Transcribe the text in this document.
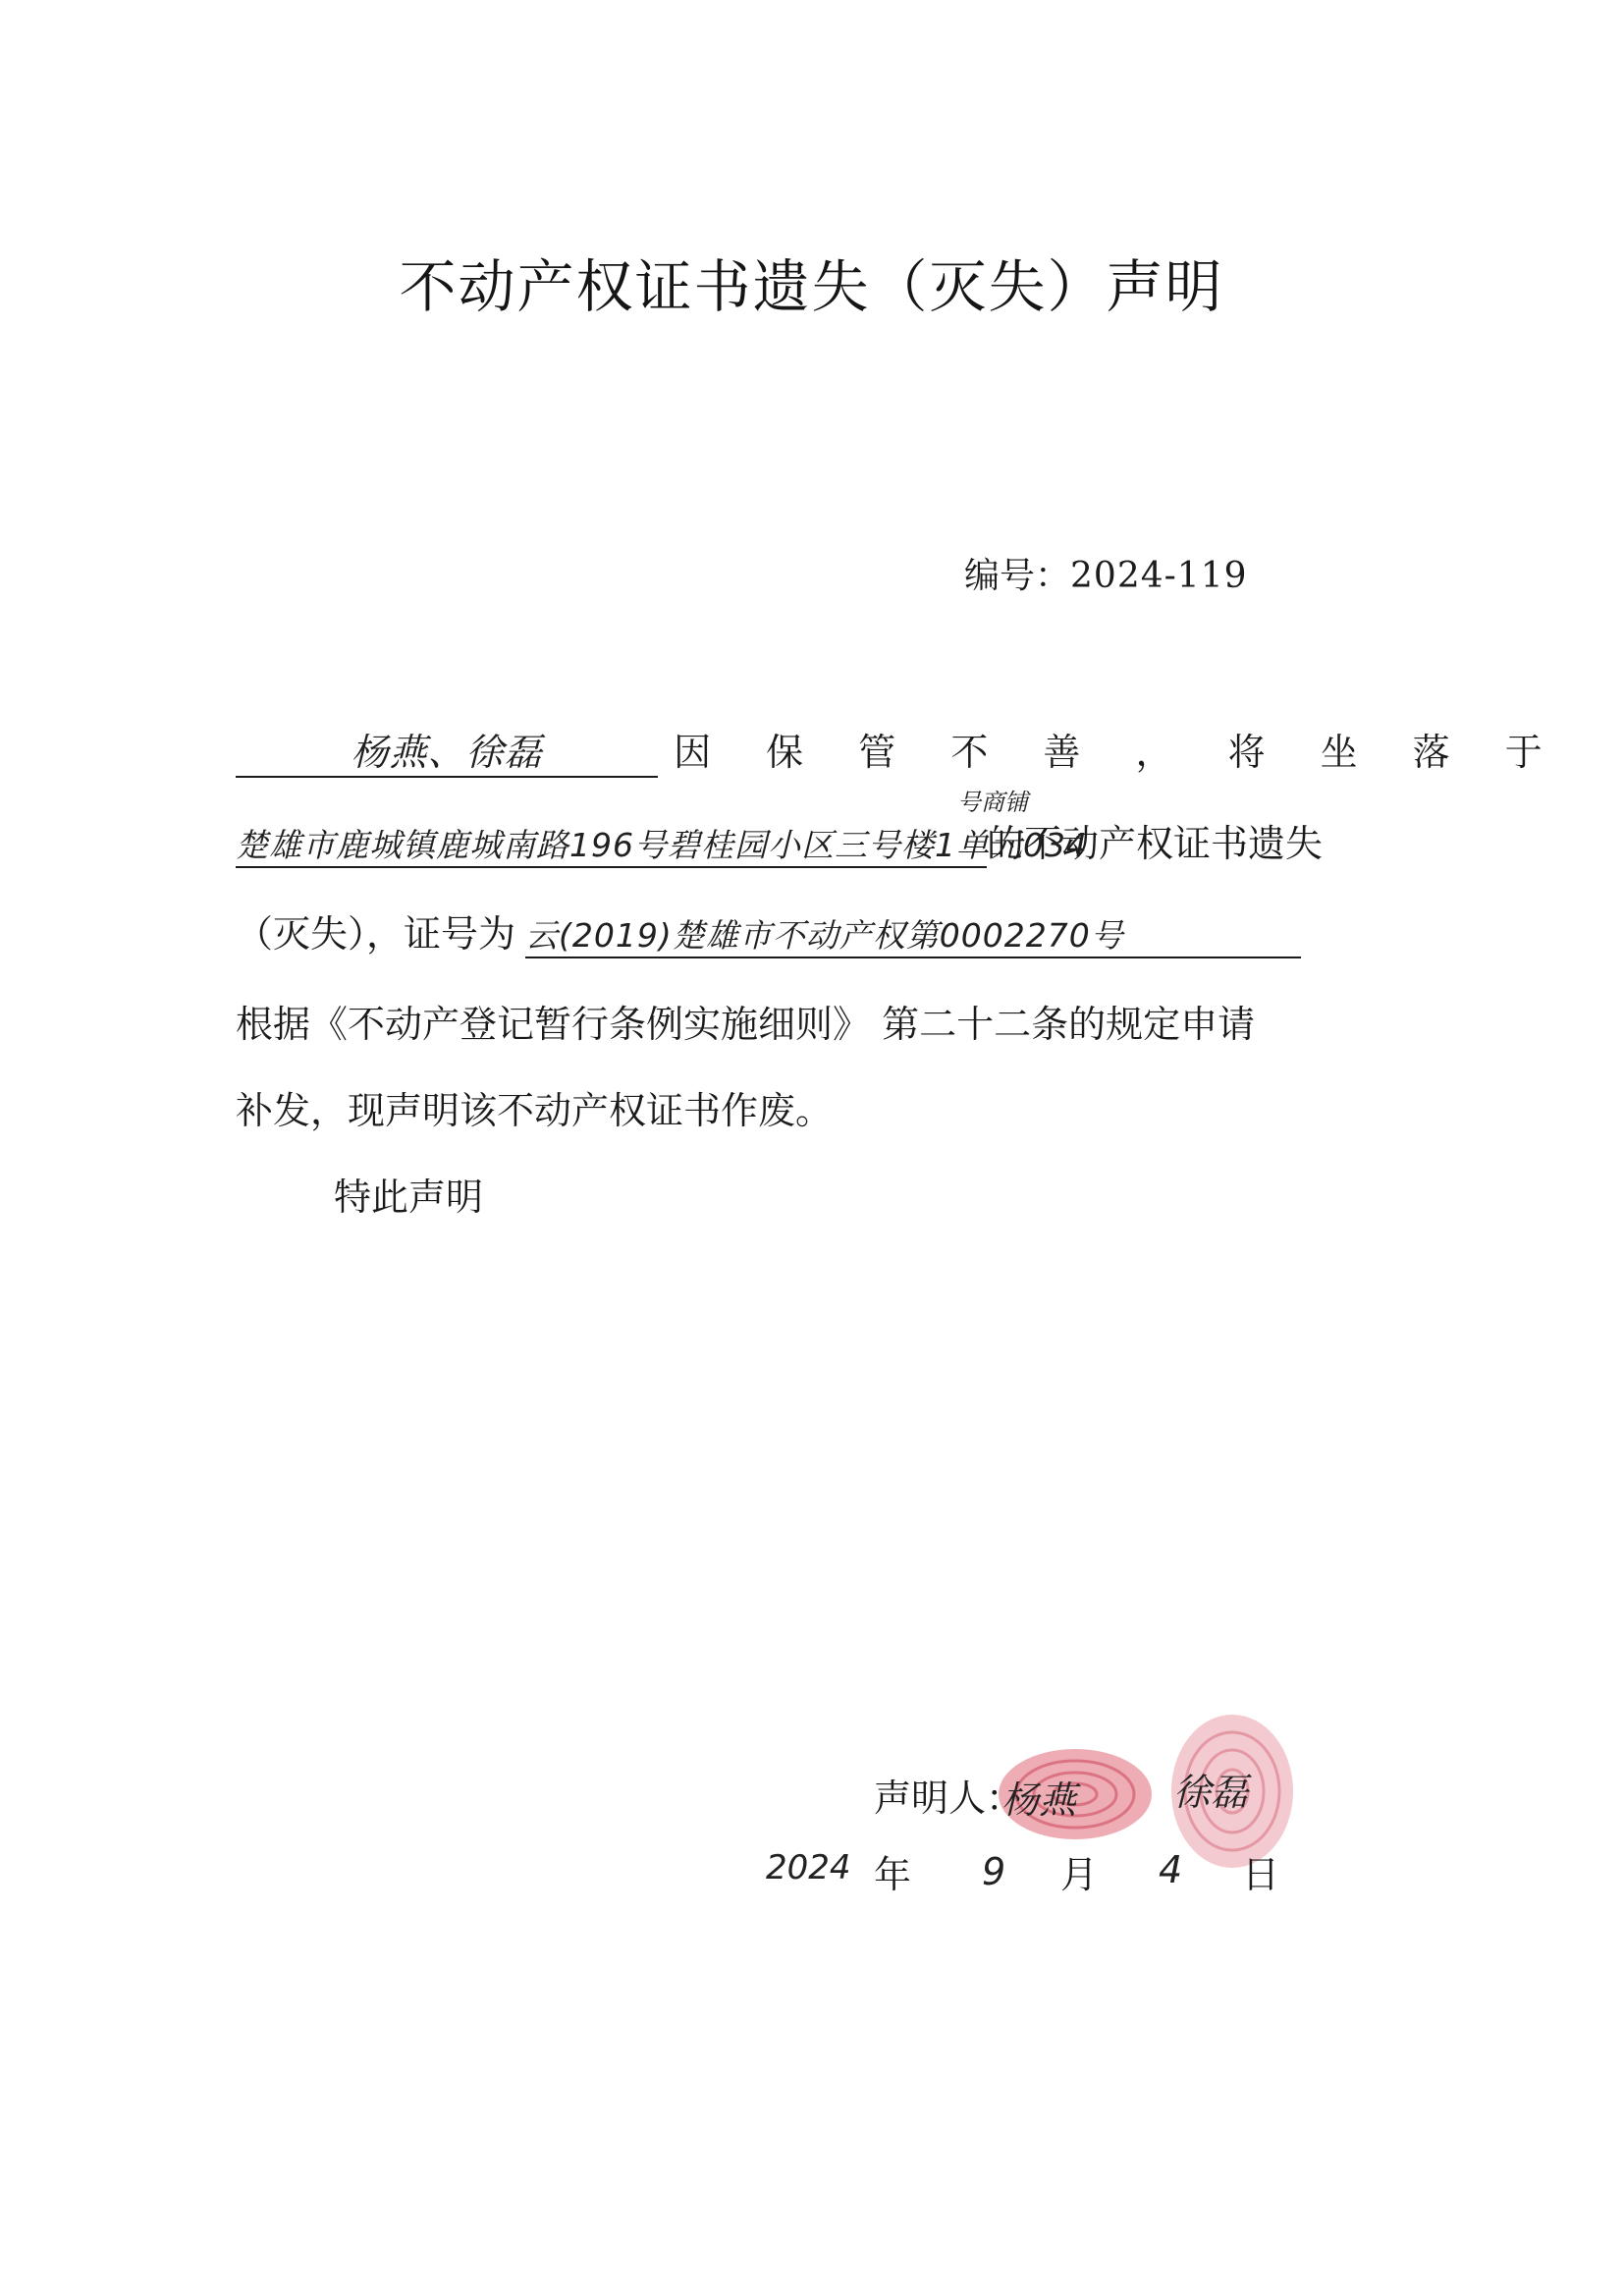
不动产权证书遗失（灭失）声明
编号：2024-119
杨燕、徐磊	因 保 管 不 善 ， 将 坐 落 于
楚雄市鹿城镇鹿城南路196号碧桂园小区三号楼1单元034
号商铺
的不动产权证书遗失
（灭失），证号为 云(2019)楚雄市不动产权第0002270号
根据《不动产登记暂行条例实施细则》 第二十二条的规定申请
补发，现声明该不动产权证书作废。
特此声明
声明人：
杨燕	徐磊
2024 年 9 月 4 日
